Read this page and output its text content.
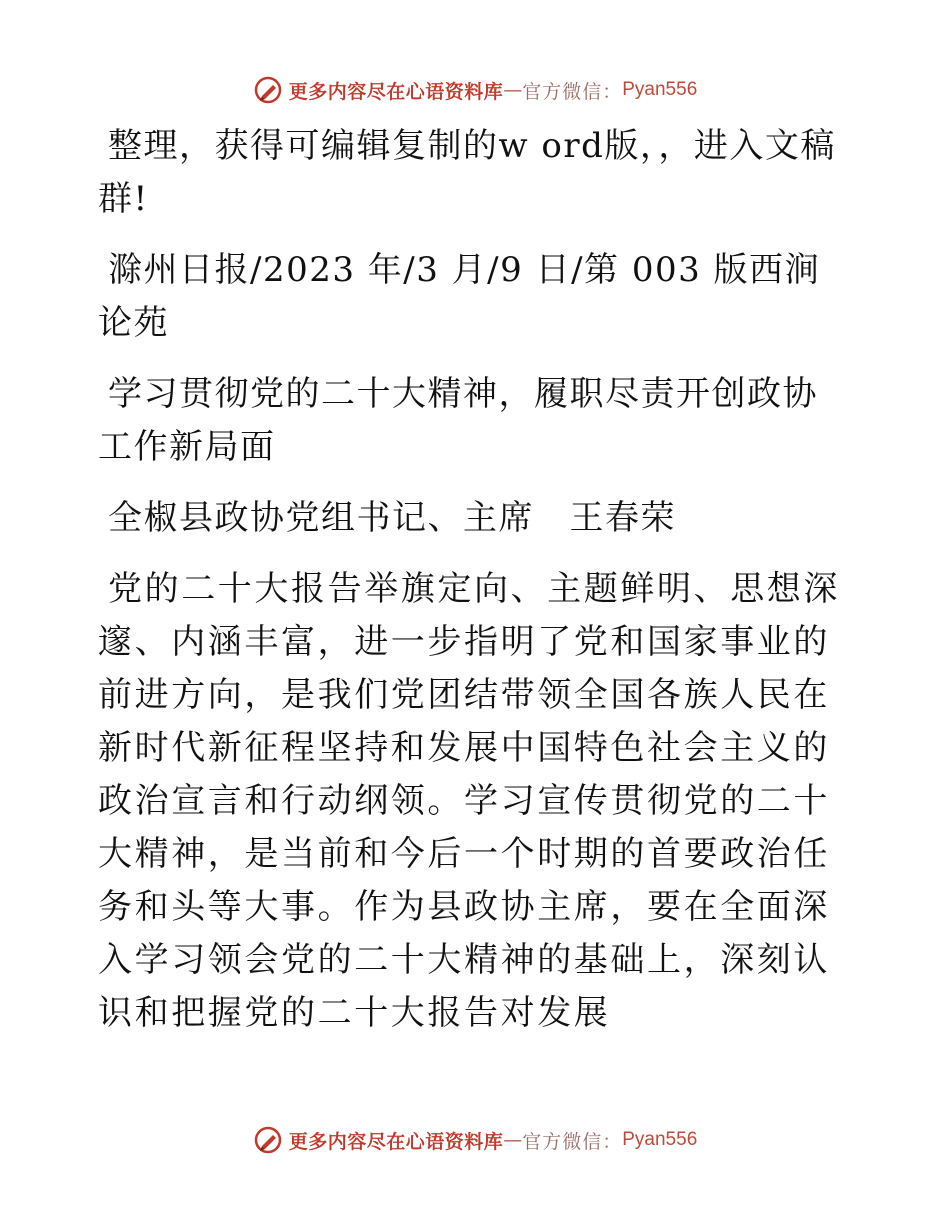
更多内容尽在心语资料库 — 官方微信： Pyan556

整理，获得可编辑复制的w ord版，，进入文稿群!

滁州日报/2023 年/3 月/9 日/第 003 版西涧论苑

学习贯彻党的二十大精神，履职尽责开创政协工作新局面

全椒县政协党组书记、主席　王春荣

党的二十大报告举旗定向、主题鲜明、思想深邃、内涵丰富，进一步指明了党和国家事业的前进方向，是我们党团结带领全国各族人民在新时代新征程坚持和发展中国特色社会主义的政治宣言和行动纲领。学习宣传贯彻党的二十大精神，是当前和今后一个时期的首要政治任务和头等大事。作为县政协主席，要在全面深入学习领会党的二十大精神的基础上，深刻认识和把握党的二十大报告对发展

更多内容尽在心语资料库 — 官方微信： Pyan556
